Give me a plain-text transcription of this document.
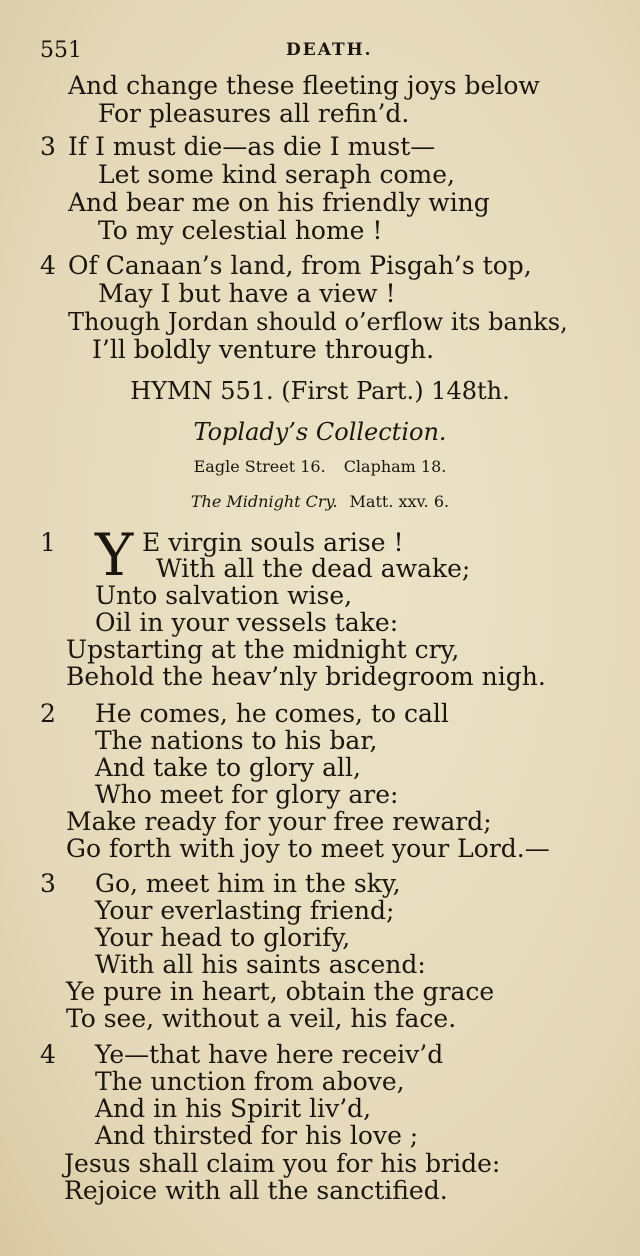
551	DEATH.
And change these fleeting joys below
For pleasures all refin’d.
3 If I must die—as die I must—
Let some kind seraph come,
And bear me on his friendly wing
To my celestial home !
4 Of Canaan’s land, from Pisgah’s top,
May I but have a view !
Though Jordan should o’erflow its banks,
I’ll boldly venture through.
HYMN 551. (First Part.) 148th.
Toplady’s Collection.
Eagle Street 16. Clapham 18.
The Midnight Cry. Matt. xxv. 6.
1 Y E virgin souls arise !
With all the dead awake;
Unto salvation wise,
Oil in your vessels take:
Upstarting at the midnight cry,
Behold the heav’nly bridegroom nigh.
2 He comes, he comes, to call
The nations to his bar,
And take to glory all,
Who meet for glory are:
Make ready for your free reward;
Go forth with joy to meet your Lord.—
3 Go, meet him in the sky,
Your everlasting friend;
Your head to glorify,
With all his saints ascend:
Ye pure in heart, obtain the grace
To see, without a veil, his face.
4 Ye—that have here receiv’d
The unction from above,
And in his Spirit liv’d,
And thirsted for his love ;
Jesus shall claim you for his bride:
Rejoice with all the sanctified.
